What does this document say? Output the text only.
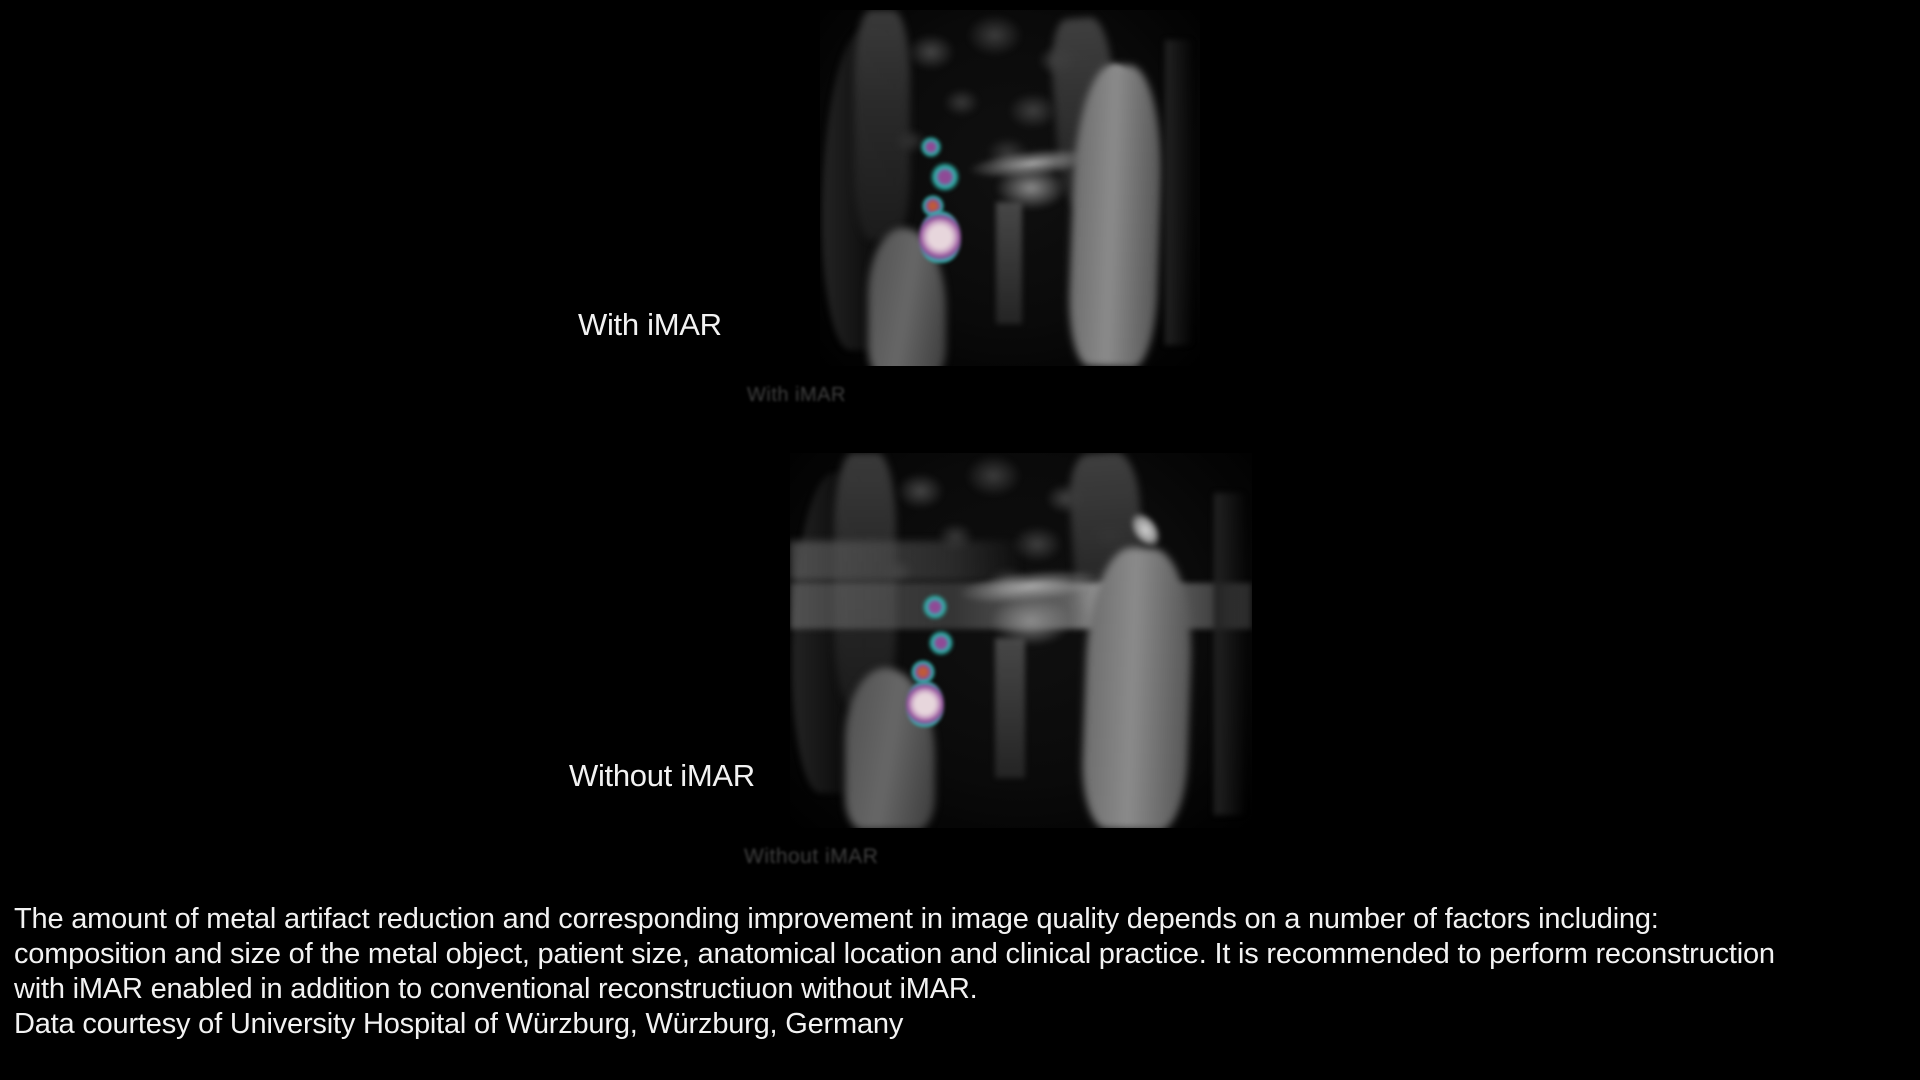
With iMAR
With iMAR
Without iMAR
Without iMAR
The amount of metal artifact reduction and corresponding improvement in image quality depends on a number of factors including:
composition and size of the metal object, patient size, anatomical location and clinical practice. It is recommended to perform reconstruction
with iMAR enabled in addition to conventional reconstructiuon without iMAR.
Data courtesy of University Hospital of Würzburg, Würzburg, Germany
